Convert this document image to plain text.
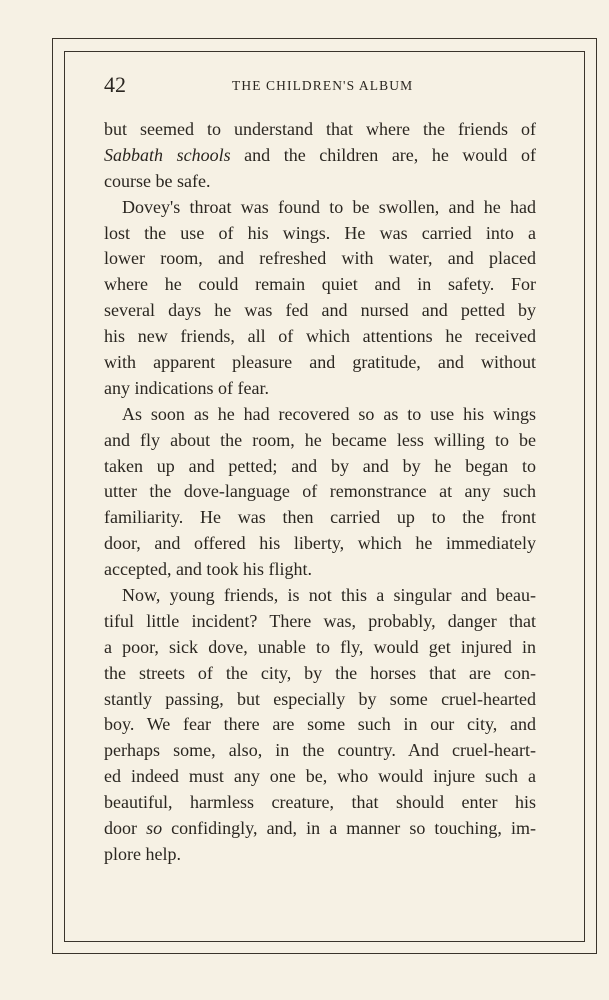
42	THE CHILDREN'S ALBUM
but seemed to understand that where the friends of
Sabbath schools and the children are, he would of
course be safe.
Dovey's throat was found to be swollen, and he had
lost the use of his wings. He was carried into a
lower room, and refreshed with water, and placed
where he could remain quiet and in safety. For
several days he was fed and nursed and petted by
his new friends, all of which attentions he received
with apparent pleasure and gratitude, and without
any indications of fear.
As soon as he had recovered so as to use his wings
and fly about the room, he became less willing to be
taken up and petted; and by and by he began to
utter the dove-language of remonstrance at any such
familiarity. He was then carried up to the front
door, and offered his liberty, which he immediately
accepted, and took his flight.
Now, young friends, is not this a singular and beau-
tiful little incident? There was, probably, danger that
a poor, sick dove, unable to fly, would get injured in
the streets of the city, by the horses that are con-
stantly passing, but especially by some cruel-hearted
boy. We fear there are some such in our city, and
perhaps some, also, in the country. And cruel-heart-
ed indeed must any one be, who would injure such a
beautiful, harmless creature, that should enter his
door so confidingly, and, in a manner so touching, im-
plore help.
